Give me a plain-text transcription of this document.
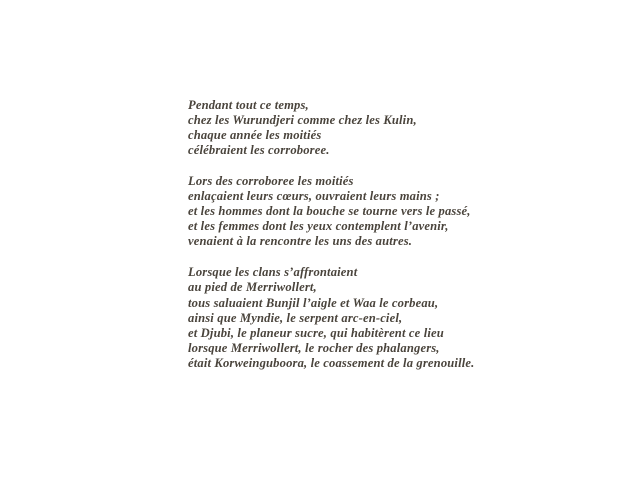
Pendant tout ce temps,
chez les Wurundjeri comme chez les Kulin,
chaque année les moitiés
célébraient les corroboree.

Lors des corroboree les moitiés
enlaçaient leurs cœurs, ouvraient leurs mains ;
et les hommes dont la bouche se tourne vers le passé,
et les femmes dont les yeux contemplent l’avenir,
venaient à la rencontre les uns des autres.

Lorsque les clans s’affrontaient
au pied de Merriwollert,
tous saluaient Bunjil l’aigle et Waa le corbeau,
ainsi que Myndie, le serpent arc-en-ciel,
et Djubi, le planeur sucre, qui habitèrent ce lieu
lorsque Merriwollert, le rocher des phalangers,
était Korweinguboora, le coassement de la grenouille.
